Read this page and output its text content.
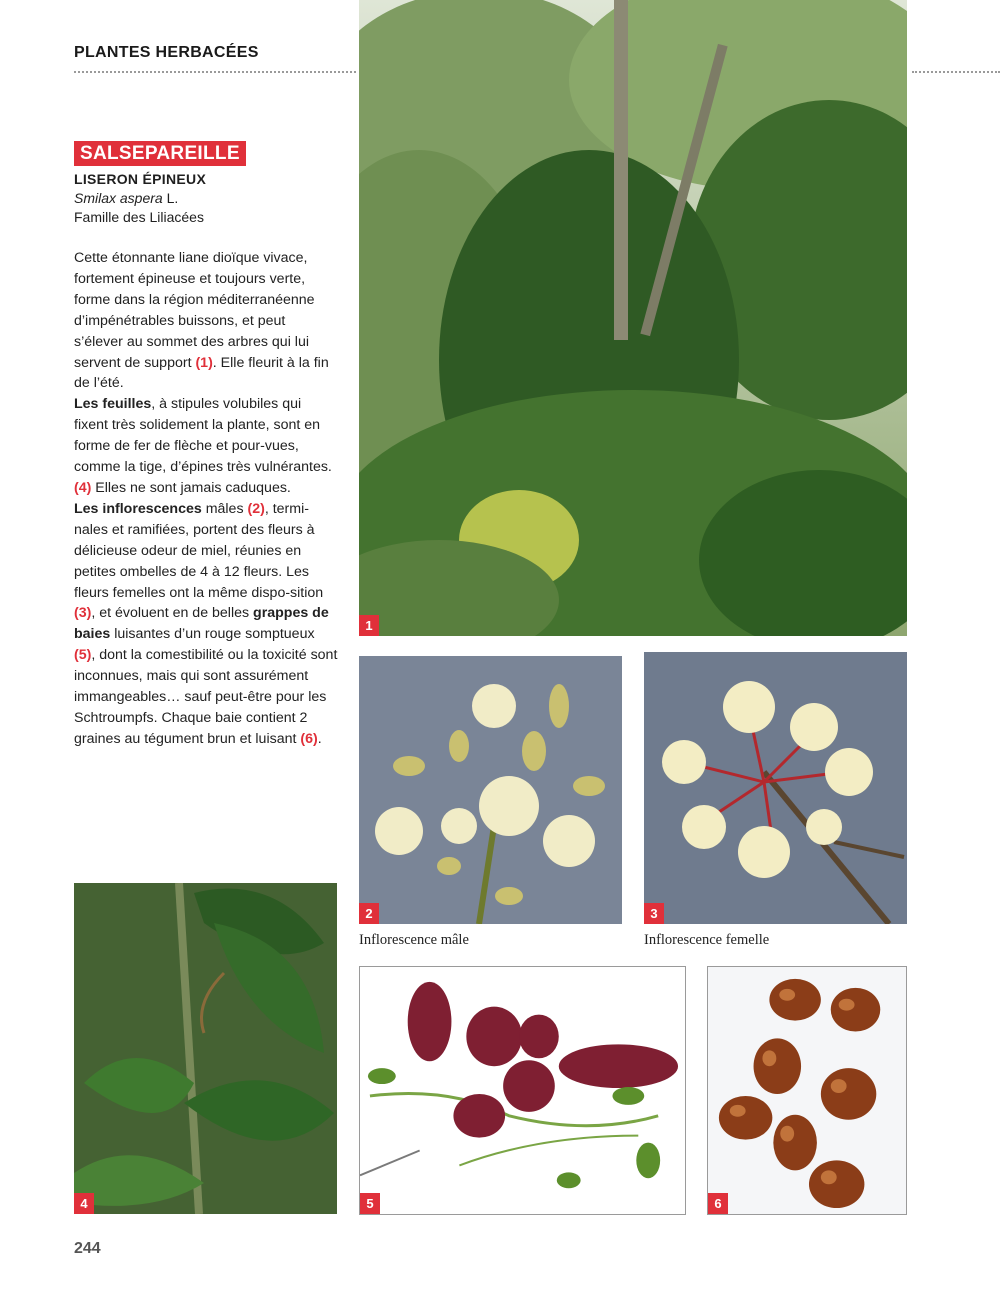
PLANTES HERBACÉES
SALSEPAREILLE
LISERON ÉPINEUX
Smilax aspera L.
Famille des Liliacées

Cette étonnante liane dioïque vivace, fortement épineuse et toujours verte, forme dans la région méditerranéenne d’impénétrables buissons, et peut s’élever au sommet des arbres qui lui servent de support (1). Elle fleurit à la fin de l’été.

Les feuilles, à stipules volubiles qui fixent très solidement la plante, sont en forme de fer de flèche et pour-vues, comme la tige, d’épines très vulnérantes. (4) Elles ne sont jamais caduques.

Les inflorescences mâles (2), termi-nales et ramifiées, portent des fleurs à délicieuse odeur de miel, réunies en petites ombelles de 4 à 12 fleurs. Les fleurs femelles ont la même dispo-sition (3), et évoluent en de belles grappes de baies luisantes d’un rouge somptueux (5), dont la comestibilité ou la toxicité sont inconnues, mais qui sont assurément immangeables… sauf peut-être pour les Schtroumpfs. Chaque baie contient 2 graines au tégument brun et luisant (6).

1
2	3
Inflorescence mâle	Inflorescence femelle
4	5	6
244
